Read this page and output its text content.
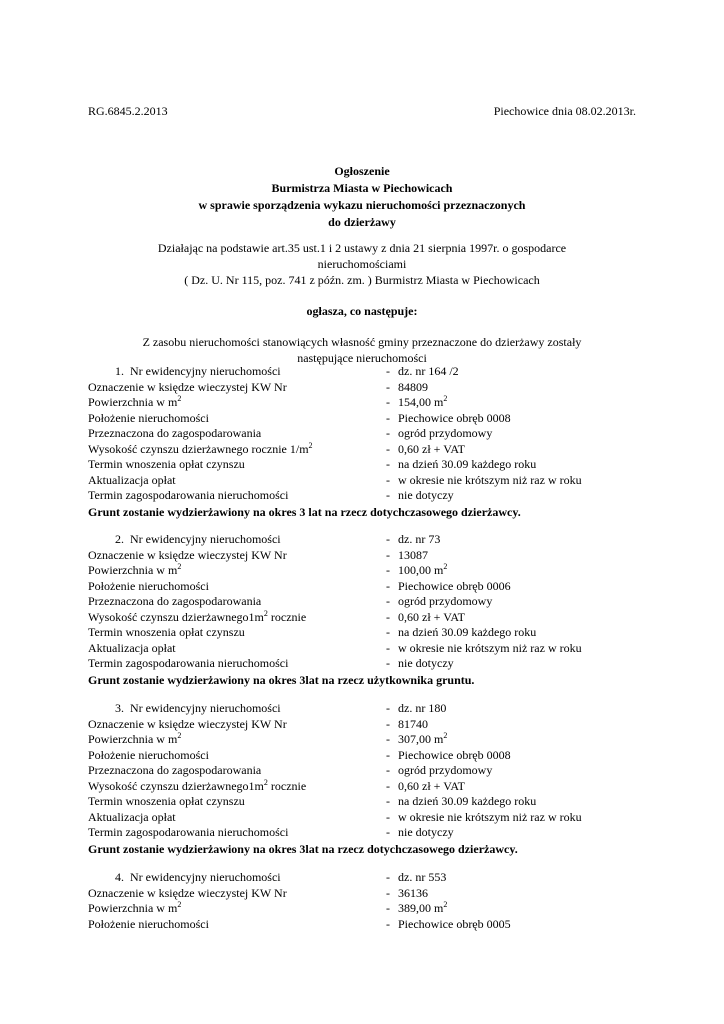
RG.6845.2.2013	Piechowice dnia 08.02.2013r.
Ogłoszenie
Burmistrza Miasta w Piechowicach
w sprawie sporządzenia wykazu nieruchomości przeznaczonych
do dzierżawy
Działając na podstawie art.35 ust.1 i 2 ustawy z dnia 21 sierpnia 1997r. o gospodarce
nieruchomościami
( Dz. U. Nr 115, poz. 741 z późn. zm. ) Burmistrz Miasta w Piechowicach
ogłasza, co następuje:
Z zasobu nieruchomości stanowiących własność gminy przeznaczone do dzierżawy zostały
następujące nieruchomości
1. Nr ewidencyjny nieruchomości	- dz. nr 164 /2
Oznaczenie w księdze wieczystej KW Nr	- 84809
Powierzchnia w $m^2$	- 154,00 $m^2$
Położenie nieruchomości	- Piechowice obręb 0008
Przeznaczona do zagospodarowania	- ogród przydomowy
Wysokość czynszu dzierżawnego rocznie $1/m^2$	- 0,60 zł + VAT
Termin wnoszenia opłat czynszu	- na dzień 30.09 każdego roku
Aktualizacja opłat	- w okresie nie krótszym niż raz w roku
Termin zagospodarowania nieruchomości	- nie dotyczy
Grunt zostanie wydzierżawiony na okres 3 lat na rzecz dotychczasowego dzierżawcy.
2. Nr ewidencyjny nieruchomości	- dz. nr 73
Oznaczenie w księdze wieczystej KW Nr	- 13087
Powierzchnia w $m^2$	- 100,00 $m^2$
Położenie nieruchomości	- Piechowice obręb 0006
Przeznaczona do zagospodarowania	- ogród przydomowy
Wysokość czynszu $dzierżawnego1m^2$ rocznie	- 0,60 zł + VAT
Termin wnoszenia opłat czynszu	- na dzień 30.09 każdego roku
Aktualizacja opłat	- w okresie nie krótszym niż raz w roku
Termin zagospodarowania nieruchomości	- nie dotyczy
Grunt zostanie wydzierżawiony na okres 3lat na rzecz użytkownika gruntu.
3. Nr ewidencyjny nieruchomości	- dz. nr 180
Oznaczenie w księdze wieczystej KW Nr	- 81740
Powierzchnia w $m^2$	- 307,00 $m^2$
Położenie nieruchomości	- Piechowice obręb 0008
Przeznaczona do zagospodarowania	- ogród przydomowy
Wysokość czynszu $dzierżawnego1m^2$ rocznie	- 0,60 zł + VAT
Termin wnoszenia opłat czynszu	- na dzień 30.09 każdego roku
Aktualizacja opłat	- w okresie nie krótszym niż raz w roku
Termin zagospodarowania nieruchomości	- nie dotyczy
Grunt zostanie wydzierżawiony na okres 3lat na rzecz dotychczasowego dzierżawcy.
4. Nr ewidencyjny nieruchomości	- dz. nr 553
Oznaczenie w księdze wieczystej KW Nr	- 36136
Powierzchnia w $m^2$	- 389,00 $m^2$
Położenie nieruchomości	- Piechowice obręb 0005
